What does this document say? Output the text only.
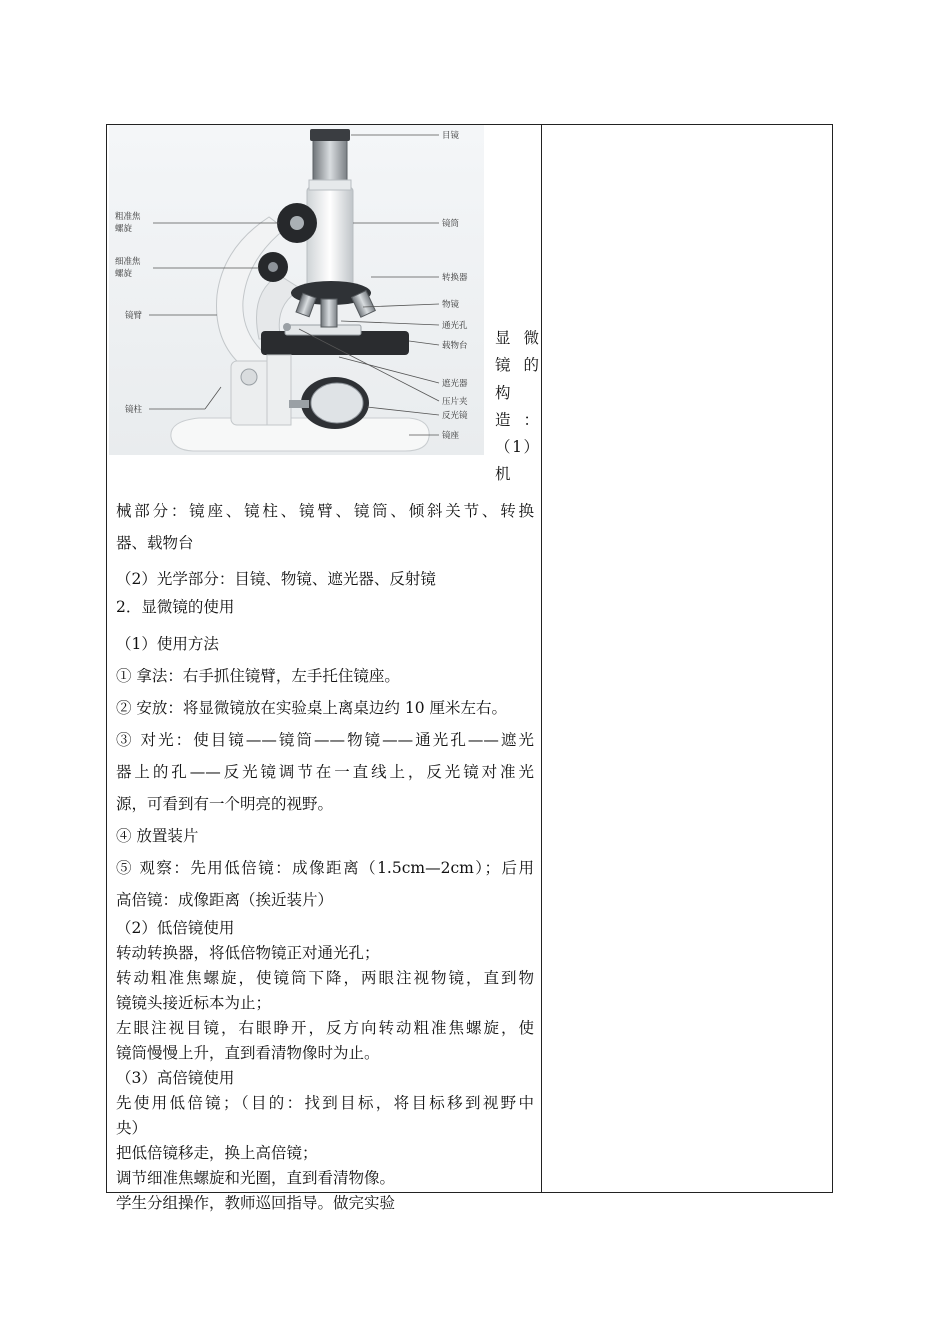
目镜
镜筒
转换器
物镜
通光孔
载物台
遮光器
压片夹
反光镜
镜座
粗准焦螺旋
细准焦螺旋
镜臂
镜柱
显微镜的构造：（1）机
械部分：镜座、镜柱、镜臂、镜筒、倾斜关节、转换
器、载物台
（2）光学部分：目镜、物镜、遮光器、反射镜
2．显微镜的使用
（1）使用方法
① 拿法：右手抓住镜臂，左手托住镜座。
② 安放：将显微镜放在实验桌上离桌边约 10 厘米左右。
③ 对光：使目镜——镜筒——物镜——通光孔——遮光
器上的孔——反光镜调节在一直线上，反光镜对准光
源，可看到有一个明亮的视野。
④ 放置装片
⑤ 观察：先用低倍镜：成像距离（1.5cm—2cm）；后用
高倍镜：成像距离（挨近装片）
（2）低倍镜使用
转动转换器，将低倍物镜正对通光孔；
转动粗准焦螺旋，使镜筒下降，两眼注视物镜，直到物
镜镜头接近标本为止；
左眼注视目镜，右眼睁开，反方向转动粗准焦螺旋，使
镜筒慢慢上升，直到看清物像时为止。
（3）高倍镜使用
先使用低倍镜；（目的：找到目标，将目标移到视野中
央）
把低倍镜移走，换上高倍镜；
调节细准焦螺旋和光圈，直到看清物像。
学生分组操作，教师巡回指导。做完实验
